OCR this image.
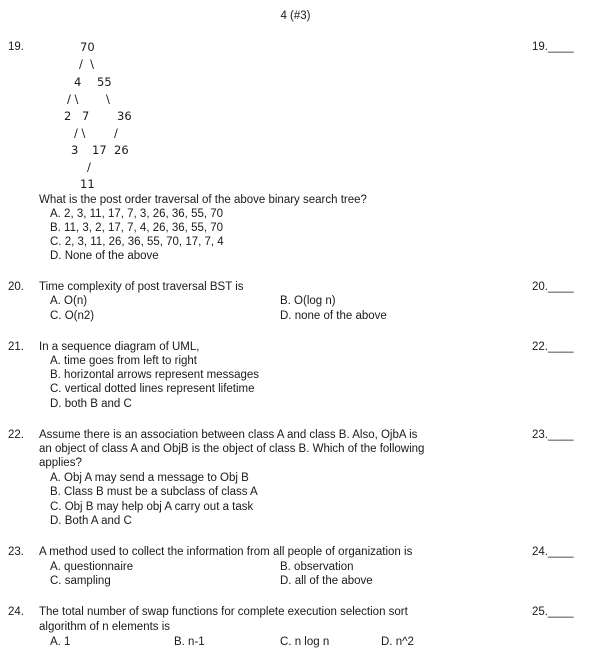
4 (#3)
19.	19.____
70
/  \
4 55
/ \ \
2 7 36
/ \ /
3 17 26
/
11
What is the post order traversal of the above binary search tree?
A. 2, 3, 11, 17, 7, 3, 26, 36, 55, 70
B. 11, 3, 2, 17, 7, 4, 26, 36, 55, 70
C. 2, 3, 11, 26, 36, 55, 70, 17, 7, 4
D. None of the above
20. Time complexity of post traversal BST is	20.____
A. O(n)	B. O(log n)
C. O(n2)	D. none of the above
21. In a sequence diagram of UML,	22.____
A. time goes from left to right
B. horizontal arrows represent messages
C. vertical dotted lines represent lifetime
D. both B and C
22. Assume there is an association between class A and class B. Also, OjbA is
an object of class A and ObjB is the object of class B. Which of the following
applies?
23.____
A. Obj A may send a message to Obj B
B. Class B must be a subclass of class A
C. Obj B may help obj A carry out a task
D. Both A and C
23. A method used to collect the information from all people of organization is	24.____
A. questionnaire	B. observation
C. sampling	D. all of the above
24. The total number of swap functions for complete execution selection sort
algorithm of n elements is
25.____
A. 1	B. n-1	C. n log n	D. n^2
